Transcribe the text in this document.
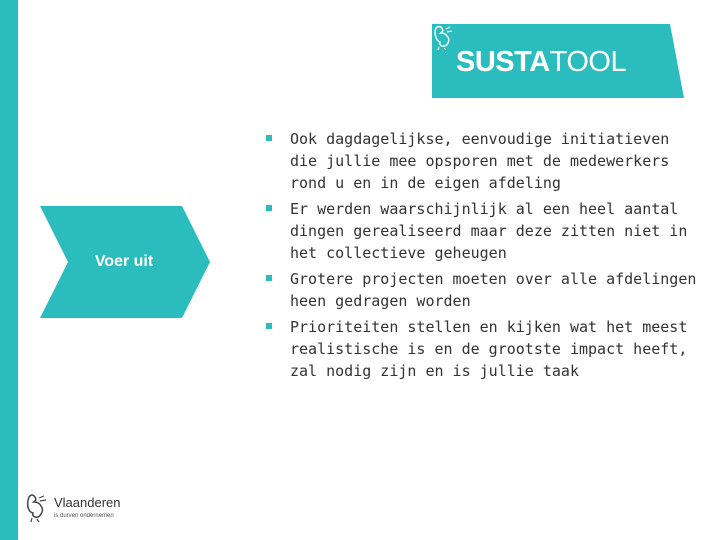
SUSTATOOL
Voer uit
Ook dagdagelijkse, eenvoudige initiatieven die jullie mee opsporen met de medewerkers rond u en in de eigen afdeling
Er werden waarschijnlijk al een heel aantal dingen gerealiseerd maar deze zitten niet in het collectieve geheugen
Grotere projecten moeten over alle afdelingen heen gedragen worden
Prioriteiten stellen en kijken wat het meest realistische is en de grootste impact heeft, zal nodig zijn en is jullie taak
Vlaanderen
is durven ondernemen
